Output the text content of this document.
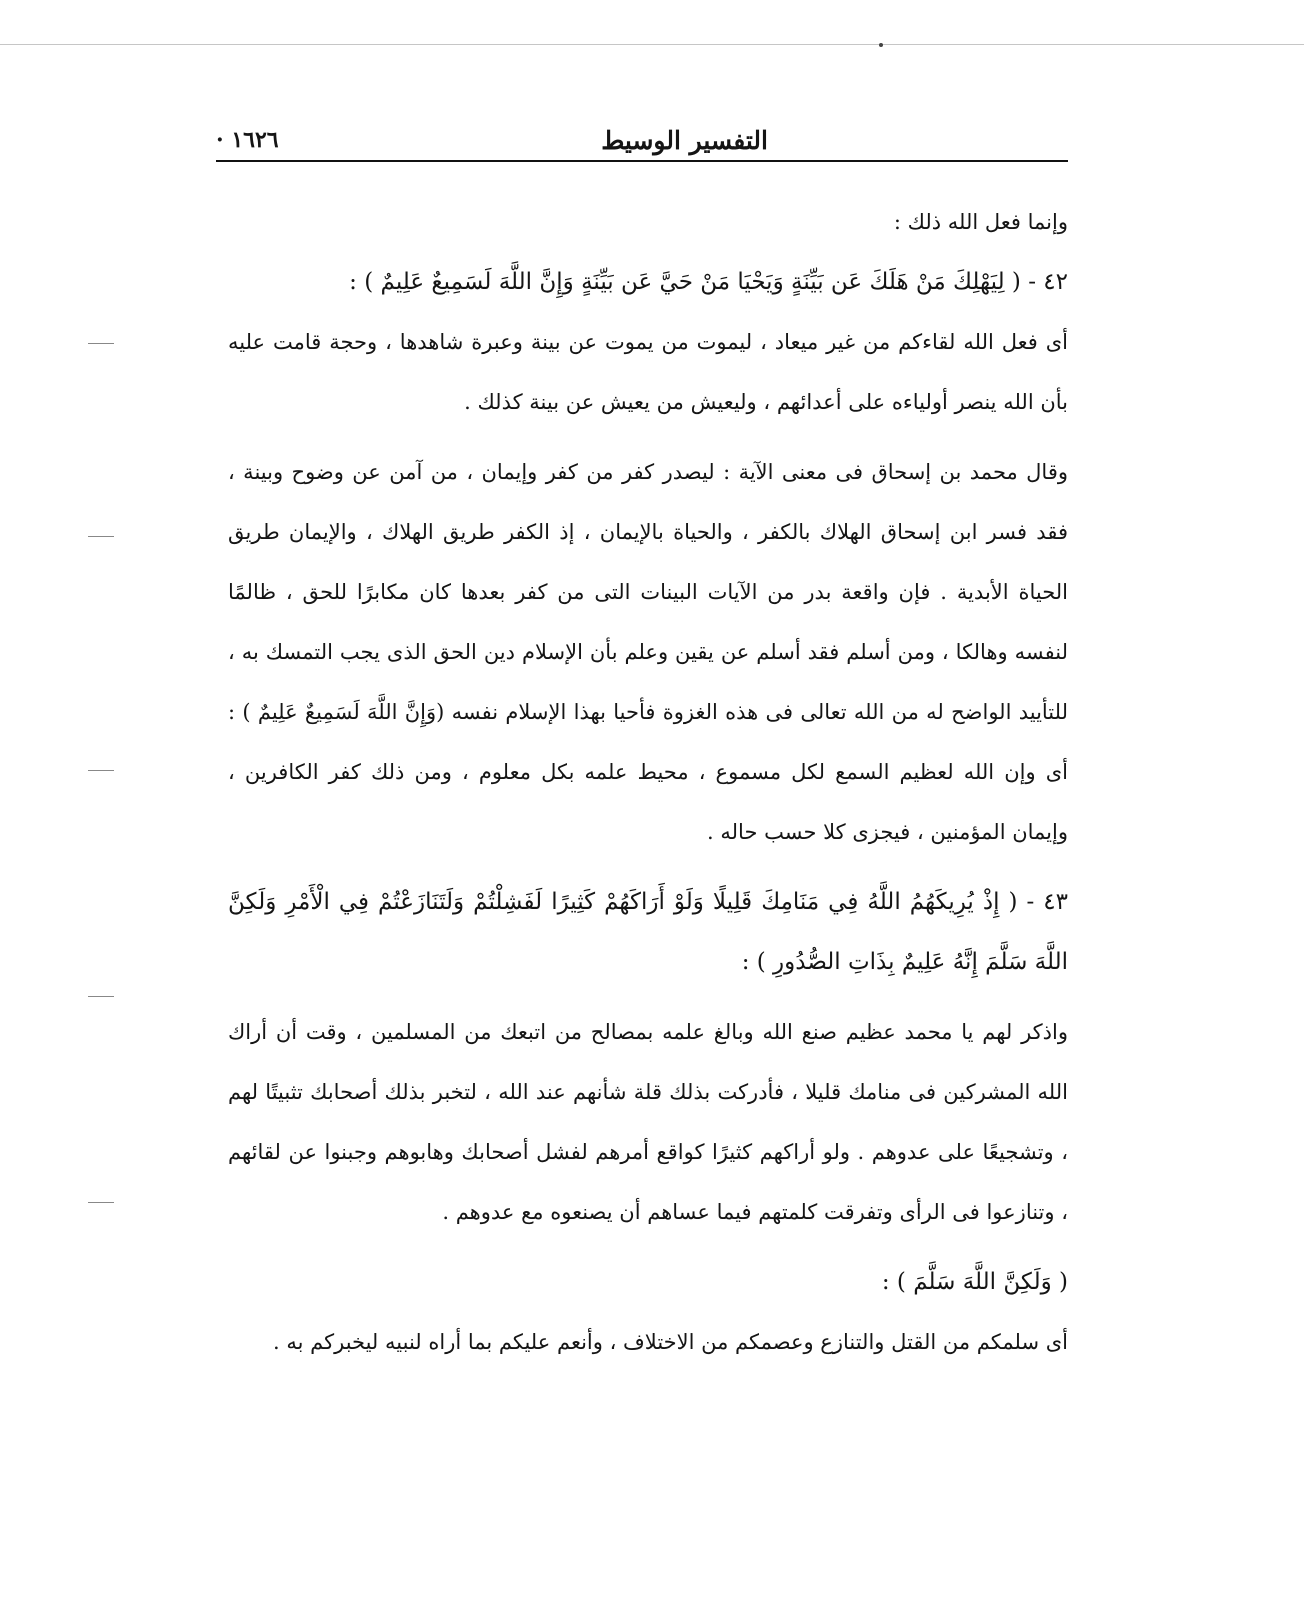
التفسير الوسيط
١٦٢٦ ·

وإنما فعل الله ذلك :

٤٢ - ( لِيَهْلِكَ مَنْ هَلَكَ عَن بَيِّنَةٍ وَيَحْيَا مَنْ حَيَّ عَن بَيِّنَةٍ وَإِنَّ اللَّهَ لَسَمِيعٌ عَلِيمٌ ) :

أى فعل الله لقاءكم من غير ميعاد ، ليموت من يموت عن بينة وعبرة شاهدها ، وحجة قامت عليه بأن الله ينصر أولياءه على أعدائهم ، وليعيش من يعيش عن بينة كذلك .

وقال محمد بن إسحاق فى معنى الآية : ليصدر كفر من كفر وإيمان ، من آمن عن وضوح وبينة ، فقد فسر ابن إسحاق الهلاك بالكفر ، والحياة بالإيمان ، إذ الكفر طريق الهلاك ، والإيمان طريق الحياة الأبدية . فإن واقعة بدر من الآيات البينات التى من كفر بعدها كان مكابرًا للحق ، ظالمًا لنفسه وهالكا ، ومن أسلم فقد أسلم عن يقين وعلم بأن الإسلام دين الحق الذى يجب التمسك به ، للتأييد الواضح له من الله تعالى فى هذه الغزوة فأحيا بهذا الإسلام نفسه (وَإِنَّ اللَّهَ لَسَمِيعٌ عَلِيمٌ ) : أى وإن الله لعظيم السمع لكل مسموع ، محيط علمه بكل معلوم ، ومن ذلك كفر الكافرين ، وإيمان المؤمنين ، فيجزى كلا حسب حاله .

٤٣ - ( إِذْ يُرِيكَهُمُ اللَّهُ فِي مَنَامِكَ قَلِيلًا وَلَوْ أَرَاكَهُمْ كَثِيرًا لَفَشِلْتُمْ وَلَتَنَازَعْتُمْ فِي الْأَمْرِ وَلَكِنَّ اللَّهَ سَلَّمَ إِنَّهُ عَلِيمٌ بِذَاتِ الصُّدُورِ ) :

واذكر لهم يا محمد عظيم صنع الله وبالغ علمه بمصالح من اتبعك من المسلمين ، وقت أن أراك الله المشركين فى منامك قليلا ، فأدركت بذلك قلة شأنهم عند الله ، لتخبر بذلك أصحابك تثبيتًا لهم ، وتشجيعًا على عدوهم . ولو أراكهم كثيرًا كواقع أمرهم لفشل أصحابك وهابوهم وجبنوا عن لقائهم ، وتنازعوا فى الرأى وتفرقت كلمتهم فيما عساهم أن يصنعوه مع عدوهم .

( وَلَكِنَّ اللَّهَ سَلَّمَ ) :

أى سلمكم من القتل والتنازع وعصمكم من الاختلاف ، وأنعم عليكم بما أراه لنبيه ليخبركم به .
